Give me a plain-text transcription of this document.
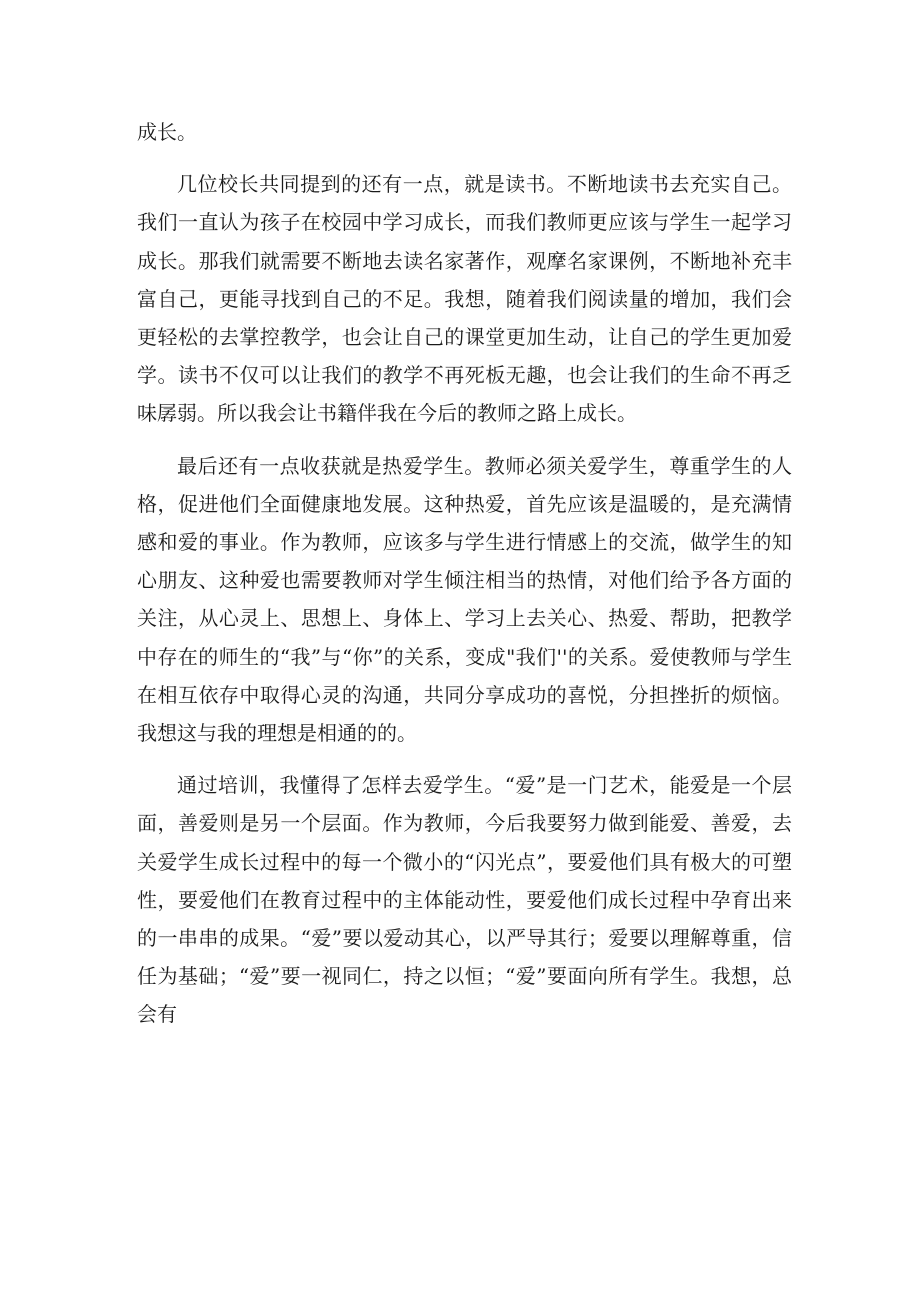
成长。

几位校长共同提到的还有一点，就是读书。不断地读书去充实自己。我们一直认为孩子在校园中学习成长，而我们教师更应该与学生一起学习成长。那我们就需要不断地去读名家著作，观摩名家课例，不断地补充丰富自己，更能寻找到自己的不足。我想，随着我们阅读量的增加，我们会更轻松的去掌控教学，也会让自己的课堂更加生动，让自己的学生更加爱学。读书不仅可以让我们的教学不再死板无趣，也会让我们的生命不再乏味孱弱。所以我会让书籍伴我在今后的教师之路上成长。

最后还有一点收获就是热爱学生。教师必须关爱学生，尊重学生的人格，促进他们全面健康地发展。这种热爱，首先应该是温暖的，是充满情感和爱的事业。作为教师，应该多与学生进行情感上的交流，做学生的知心朋友、这种爱也需要教师对学生倾注相当的热情，对他们给予各方面的关注，从心灵上、思想上、身体上、学习上去关心、热爱、帮助，把教学中存在的师生的“我”与“你”的关系，变成"我们''的关系。爱使教师与学生在相互依存中取得心灵的沟通，共同分享成功的喜悦，分担挫折的烦恼。我想这与我的理想是相通的的。

通过培训，我懂得了怎样去爱学生。“爱”是一门艺术，能爱是一个层面，善爱则是另一个层面。作为教师，今后我要努力做到能爱、善爱，去关爱学生成长过程中的每一个微小的“闪光点”，要爱他们具有极大的可塑性，要爱他们在教育过程中的主体能动性，要爱他们成长过程中孕育出来的一串串的成果。“爱”要以爱动其心，以严导其行；爱要以理解尊重，信任为基础；“爱”要一视同仁，持之以恒；“爱”要面向所有学生。我想，总会有
